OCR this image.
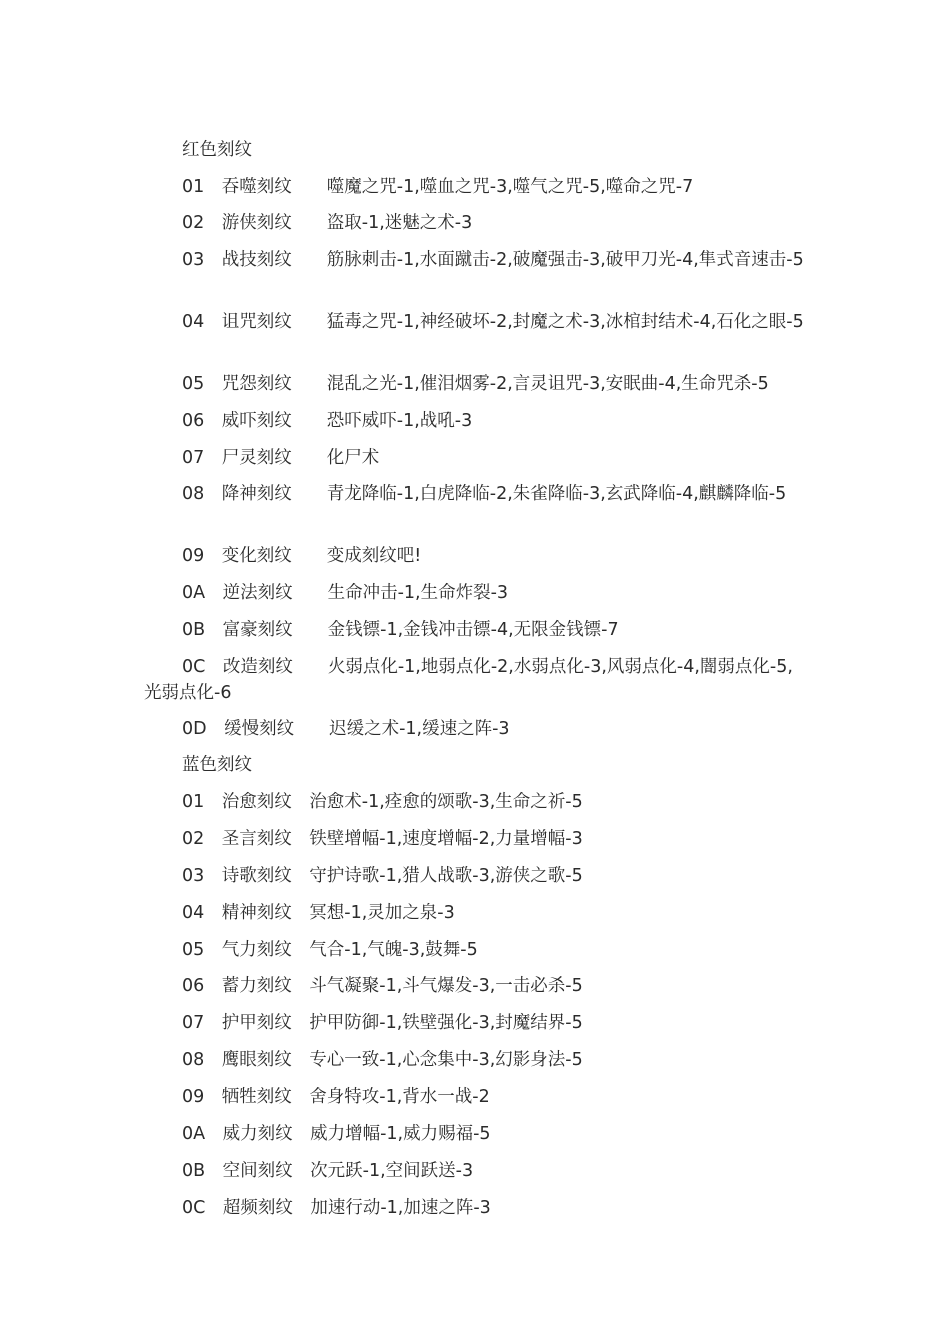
红色刻纹
01　吞噬刻纹　　噬魔之咒-1,噬血之咒-3,噬气之咒-5,噬命之咒-7
02　游侠刻纹　　盗取-1,迷魅之术-3
03　战技刻纹　　筋脉刺击-1,水面蹴击-2,破魔强击-3,破甲刀光-4,隼式音速击-5
04　诅咒刻纹　　猛毒之咒-1,神经破坏-2,封魔之术-3,冰棺封结术-4,石化之眼-5
05　咒怨刻纹　　混乱之光-1,催泪烟雾-2,言灵诅咒-3,安眠曲-4,生命咒杀-5
06　威吓刻纹　　恐吓威吓-1,战吼-3
07　尸灵刻纹　　化尸术
08　降神刻纹　　青龙降临-1,白虎降临-2,朱雀降临-3,玄武降临-4,麒麟降临-5
09　变化刻纹　　变成刻纹吧!
0A　逆法刻纹　　生命冲击-1,生命炸裂-3
0B　富豪刻纹　　金钱镖-1,金钱冲击镖-4,无限金钱镖-7
0C　改造刻纹　　火弱点化-1,地弱点化-2,水弱点化-3,风弱点化-4,闇弱点化-5,光弱点化-6
0D　缓慢刻纹　　迟缓之术-1,缓速之阵-3
蓝色刻纹
01　治愈刻纹　治愈术-1,痊愈的颂歌-3,生命之祈-5
02　圣言刻纹　铁壁增幅-1,速度增幅-2,力量增幅-3
03　诗歌刻纹　守护诗歌-1,猎人战歌-3,游侠之歌-5
04　精神刻纹　冥想-1,灵加之泉-3
05　气力刻纹　气合-1,气魄-3,鼓舞-5
06　蓄力刻纹　斗气凝聚-1,斗气爆发-3,一击必杀-5
07　护甲刻纹　护甲防御-1,铁壁强化-3,封魔结界-5
08　鹰眼刻纹　专心一致-1,心念集中-3,幻影身法-5
09　牺牲刻纹　舍身特攻-1,背水一战-2
0A　威力刻纹　威力增幅-1,威力赐福-5
0B　空间刻纹　次元跃-1,空间跃送-3
0C　超频刻纹　加速行动-1,加速之阵-3
